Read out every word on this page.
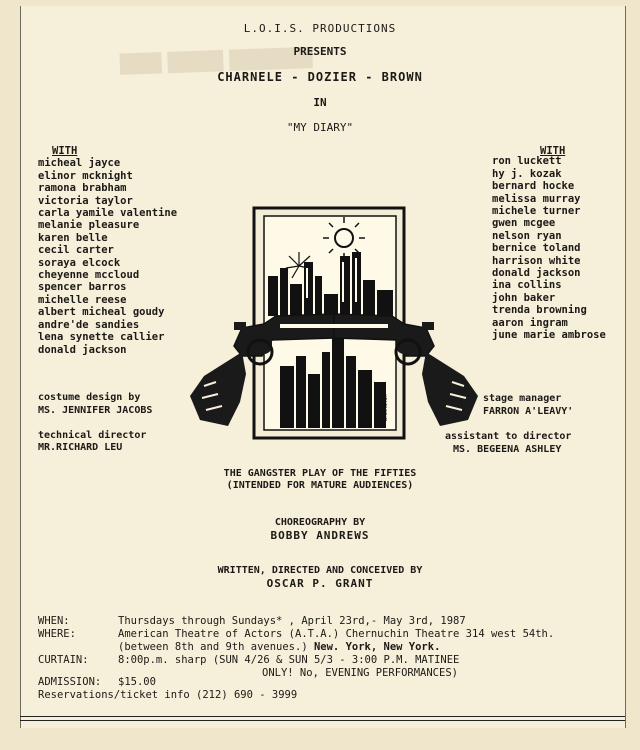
███ ████ ██████
L.O.I.S. PRODUCTIONS
PRESENTS
CHARNELE - DOZIER - BROWN
IN
"MY DIARY"
WITH
micheal jayce
elinor mcknight
ramona brabham
victoria taylor
carla yamile valentine
melanie pleasure
karen belle
cecil carter
soraya elcock
cheyenne mccloud
spencer barros
michelle reese
albert micheal goudy
andre'de sandies
lena synette callier
donald jackson
WITH
ron luckett
hy j. kozak
bernard hocke
melissa murray
michele turner
gwen mcgee
nelson ryan
bernice toland
harrison white
donald jackson
ina collins
john baker
trenda browning
aaron ingram
june marie ambrose
costume design by
MS. JENNIFER JACOBS
technical director
MR.RICHARD LEU
stage manager
FARRON A'LEAVY'
assistant to director
MS. BEGEENA ASHLEY
Brosnahan
THE GANGSTER PLAY OF THE FIFTIES
(INTENDED FOR MATURE AUDIENCES)
CHOREOGRAPHY BY
BOBBY ANDREWS
WRITTEN, DIRECTED AND CONCEIVED BY
OSCAR P. GRANT
WHEN:	Thursdays through Sundays* , April 23rd,- May 3rd, 1987
WHERE:	American Theatre of Actors (A.T.A.) Chernuchin Theatre 314 west 54th.
(between 8th and 9th avenues.) New. York, New York.
CURTAIN:	8:00p.m. sharp (SUN 4/26 & SUN 5/3 - 3:00 P.M. MATINEE
ONLY! No, EVENING PERFORMANCES)
ADMISSION: $15.00
Reservations/ticket info (212) 690 - 3999
